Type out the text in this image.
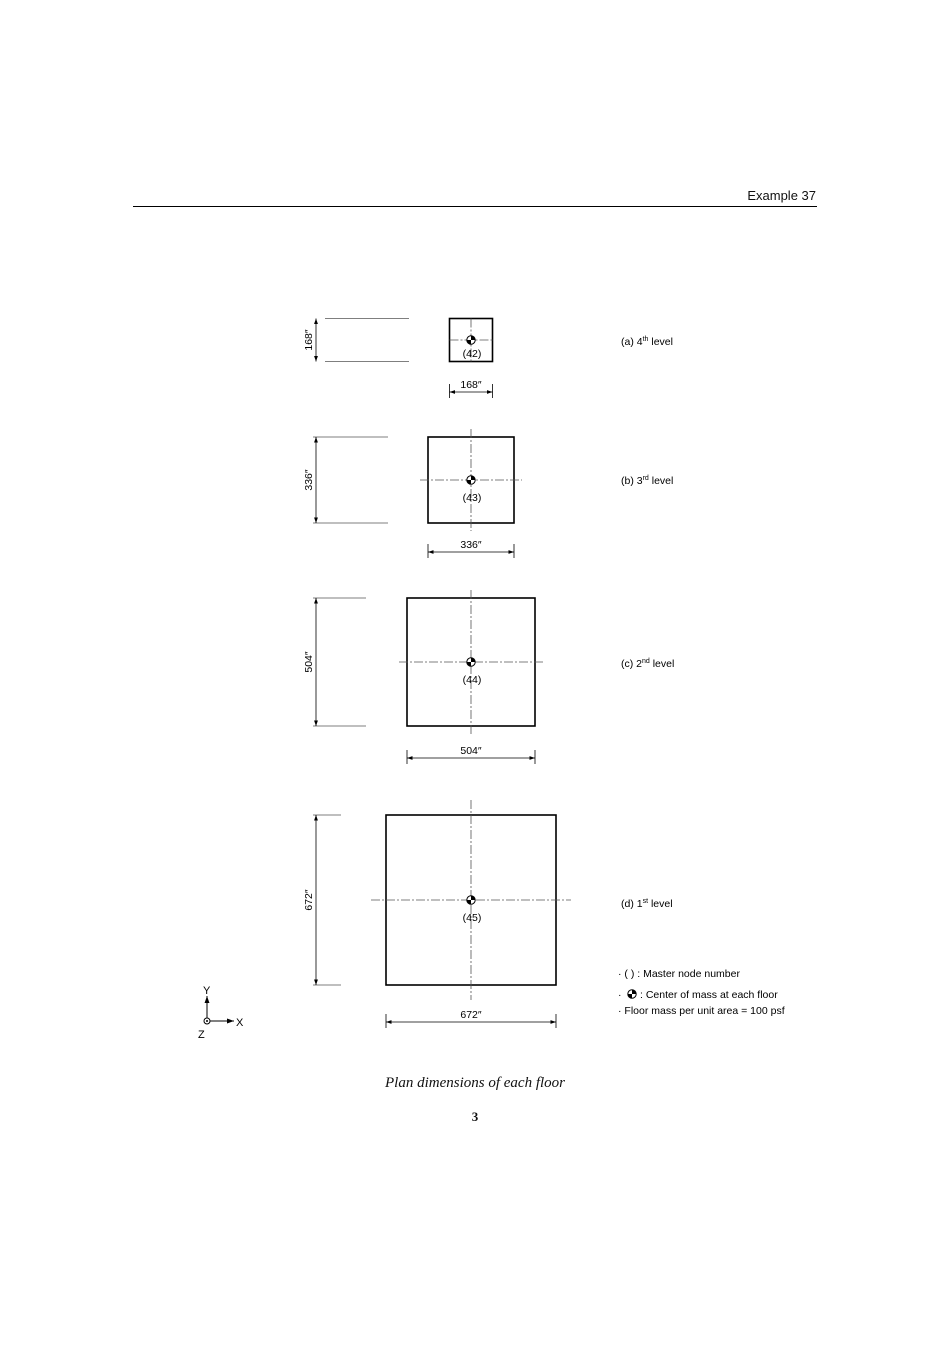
Example 37
(42)
168″
168″
(a) 4th level
(43)
336″
336″
(b) 3rd level
(44)
504″
504″
(c) 2nd level
(45)
672″
672″
(d) 1st level
· ( ) : Master node number
· : Center of mass at each floor
· Floor mass per unit area = 100 psf
Y
X
Z
Plan dimensions of each floor
3
